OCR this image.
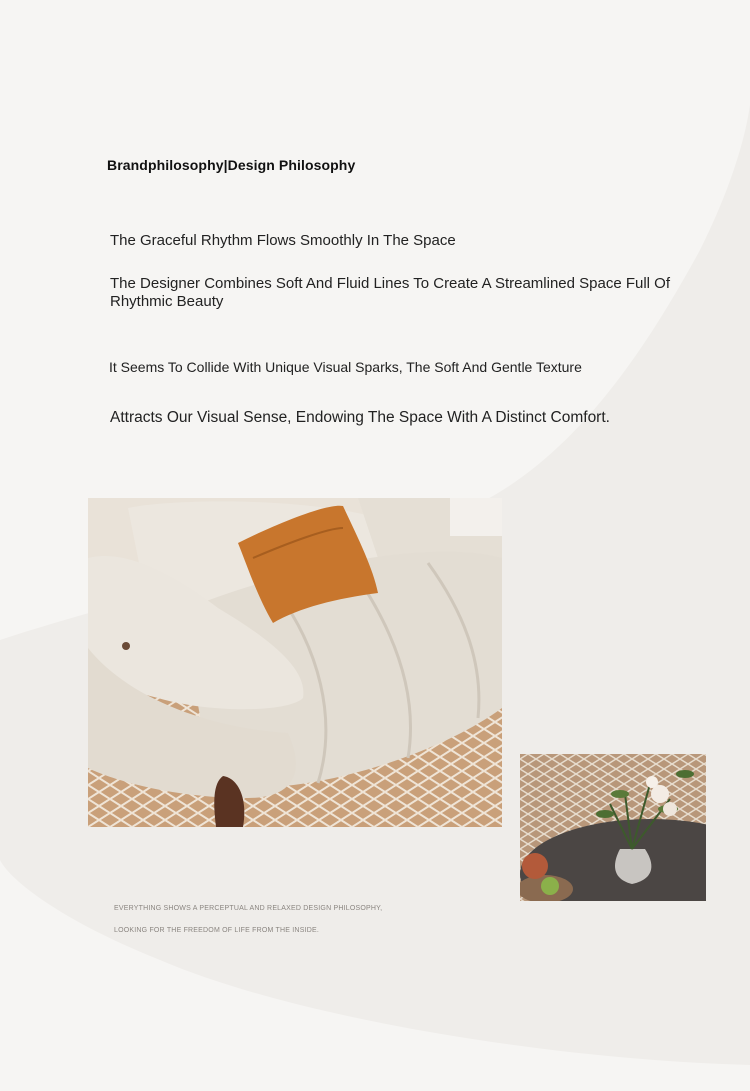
Brandphilosophy|Design Philosophy

The Graceful Rhythm Flows Smoothly In The Space

The Designer Combines Soft And Fluid Lines To Create A Streamlined Space Full Of Rhythmic Beauty

It Seems To Collide With Unique Visual Sparks, The Soft And Gentle Texture

Attracts Our Visual Sense, Endowing The Space With A Distinct Comfort.

EVERYTHING SHOWS A PERCEPTUAL AND RELAXED DESIGN PHILOSOPHY,

LOOKING FOR THE FREEDOM OF LIFE FROM THE INSIDE.
